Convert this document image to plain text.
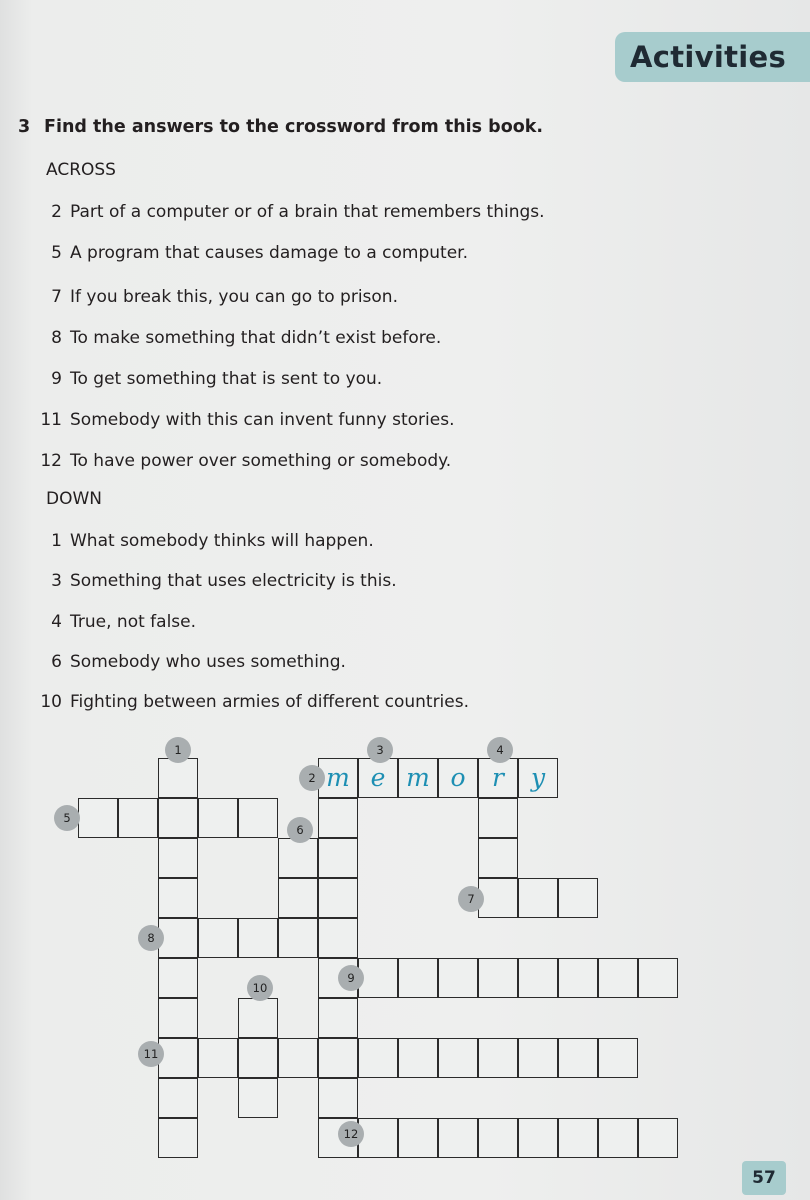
Activities
3 Find the answers to the crossword from this book.
ACROSS
2 Part of a computer or of a brain that remembers things.
5 A program that causes damage to a computer.
7 If you break this, you can go to prison.
8 To make something that didn’t exist before.
9 To get something that is sent to you.
11 Somebody with this can invent funny stories.
12 To have power over something or somebody.
DOWN
1 What somebody thinks will happen.
3 Something that uses electricity is this.
4 True, not false.
6 Somebody who uses something.
10 Fighting between armies of different countries.
m e m o	r	y
1
2
3	4
5
6
7
8
9
10
11
12
57
